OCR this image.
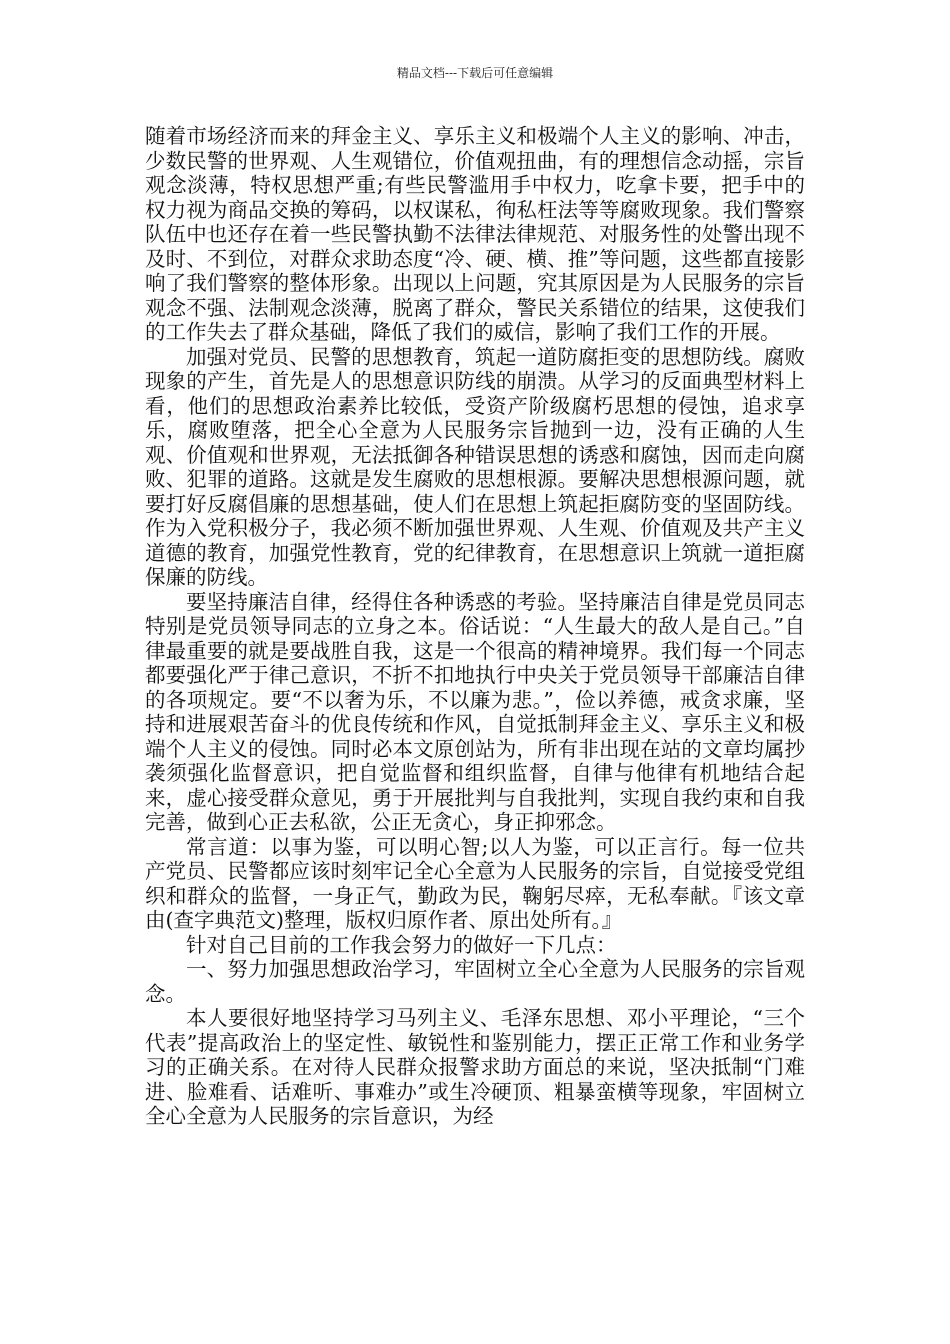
精品文档---下载后可任意编辑

随着市场经济而来的拜金主义、享乐主义和极端个人主义的影响、冲击，少数民警的世界观、人生观错位，价值观扭曲，有的理想信念动摇，宗旨观念淡薄，特权思想严重;有些民警滥用手中权力，吃拿卡要，把手中的权力视为商品交换的筹码，以权谋私，徇私枉法等等腐败现象。我们警察队伍中也还存在着一些民警执勤不法律法律规范、对服务性的处警出现不及时、不到位，对群众求助态度“冷、硬、横、推”等问题，这些都直接影响了我们警察的整体形象。出现以上问题，究其原因是为人民服务的宗旨观念不强、法制观念淡薄，脱离了群众，警民关系错位的结果，这使我们的工作失去了群众基础，降低了我们的威信，影响了我们工作的开展。

加强对党员、民警的思想教育，筑起一道防腐拒变的思想防线。腐败现象的产生，首先是人的思想意识防线的崩溃。从学习的反面典型材料上看，他们的思想政治素养比较低，受资产阶级腐朽思想的侵蚀，追求享乐，腐败堕落，把全心全意为人民服务宗旨抛到一边，没有正确的人生观、价值观和世界观，无法抵御各种错误思想的诱惑和腐蚀，因而走向腐败、犯罪的道路。这就是发生腐败的思想根源。要解决思想根源问题，就要打好反腐倡廉的思想基础，使人们在思想上筑起拒腐防变的坚固防线。作为入党积极分子，我必须不断加强世界观、人生观、价值观及共产主义道德的教育，加强党性教育，党的纪律教育，在思想意识上筑就一道拒腐保廉的防线。

要坚持廉洁自律，经得住各种诱惑的考验。坚持廉洁自律是党员同志特别是党员领导同志的立身之本。俗话说：“人生最大的敌人是自己。”自律最重要的就是要战胜自我，这是一个很高的精神境界。我们每一个同志都要强化严于律己意识，不折不扣地执行中央关于党员领导干部廉洁自律的各项规定。要“不以奢为乐，不以廉为悲。”，俭以养德，戒贪求廉，坚持和进展艰苦奋斗的优良传统和作风，自觉抵制拜金主义、享乐主义和极端个人主义的侵蚀。同时必本文原创站为，所有非出现在站的文章均属抄袭须强化监督意识，把自觉监督和组织监督，自律与他律有机地结合起来，虚心接受群众意见，勇于开展批判与自我批判，实现自我约束和自我完善，做到心正去私欲，公正无贪心，身正抑邪念。

常言道：以事为鉴，可以明心智;以人为鉴，可以正言行。每一位共产党员、民警都应该时刻牢记全心全意为人民服务的宗旨，自觉接受党组织和群众的监督，一身正气，勤政为民，鞠躬尽瘁，无私奉献。『该文章由(查字典范文)整理，版权归原作者、原出处所有。』

针对自己目前的工作我会努力的做好一下几点：

一、努力加强思想政治学习，牢固树立全心全意为人民服务的宗旨观念。

本人要很好地坚持学习马列主义、毛泽东思想、邓小平理论，“三个代表”提高政治上的坚定性、敏锐性和鉴别能力，摆正正常工作和业务学习的正确关系。在对待人民群众报警求助方面总的来说，坚决抵制“门难进、脸难看、话难听、事难办”或生冷硬顶、粗暴蛮横等现象，牢固树立全心全意为人民服务的宗旨意识，为经
